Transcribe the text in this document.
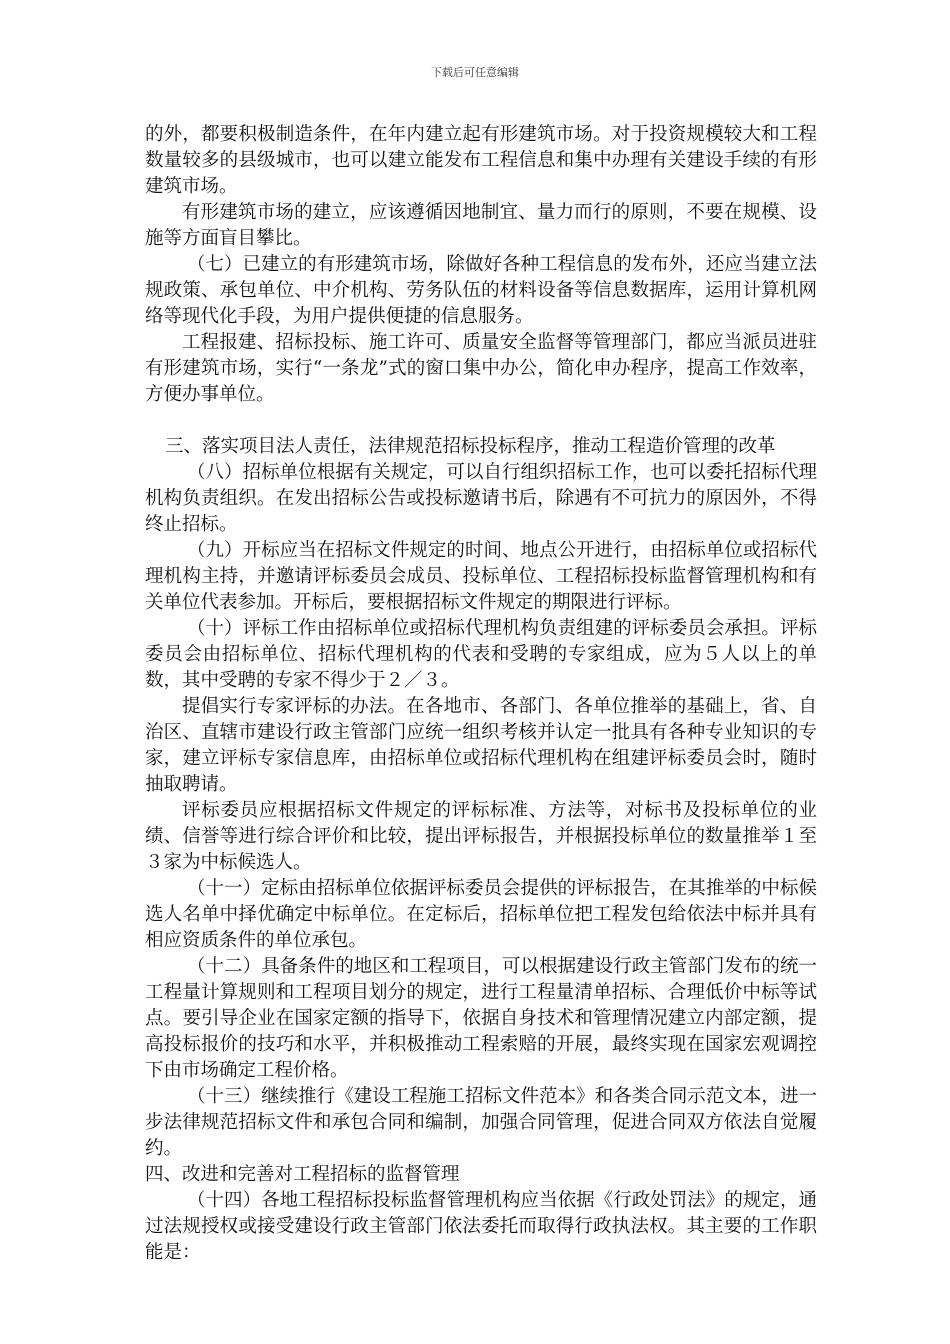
下载后可任意编辑

的外，都要积极制造条件，在年内建立起有形建筑市场。对于投资规模较大和工程数量较多的县级城市，也可以建立能发布工程信息和集中办理有关建设手续的有形建筑市场。

有形建筑市场的建立，应该遵循因地制宜、量力而行的原则，不要在规模、设施等方面盲目攀比。

（七）已建立的有形建筑市场，除做好各种工程信息的发布外，还应当建立法规政策、承包单位、中介机构、劳务队伍的材料设备等信息数据库，运用计算机网络等现代化手段，为用户提供便捷的信息服务。

工程报建、招标投标、施工许可、质量安全监督等管理部门，都应当派员进驻有形建筑市场，实行“一条龙”式的窗口集中办公，简化申办程序，提高工作效率，方便办事单位。

三、落实项目法人责任，法律规范招标投标程序，推动工程造价管理的改革

（八）招标单位根据有关规定，可以自行组织招标工作，也可以委托招标代理机构负责组织。在发出招标公告或投标邀请书后，除遇有不可抗力的原因外，不得终止招标。

（九）开标应当在招标文件规定的时间、地点公开进行，由招标单位或招标代理机构主持，并邀请评标委员会成员、投标单位、工程招标投标监督管理机构和有关单位代表参加。开标后，要根据招标文件规定的期限进行评标。

（十）评标工作由招标单位或招标代理机构负责组建的评标委员会承担。评标委员会由招标单位、招标代理机构的代表和受聘的专家组成，应为５人以上的单数，其中受聘的专家不得少于２／３。

提倡实行专家评标的办法。在各地市、各部门、各单位推举的基础上，省、自治区、直辖市建设行政主管部门应统一组织考核并认定一批具有各种专业知识的专家，建立评标专家信息库，由招标单位或招标代理机构在组建评标委员会时，随时抽取聘请。

评标委员应根据招标文件规定的评标标准、方法等，对标书及投标单位的业绩、信誉等进行综合评价和比较，提出评标报告，并根据投标单位的数量推举１至３家为中标候选人。

（十一）定标由招标单位依据评标委员会提供的评标报告，在其推举的中标候选人名单中择优确定中标单位。在定标后，招标单位把工程发包给依法中标并具有相应资质条件的单位承包。

（十二）具备条件的地区和工程项目，可以根据建设行政主管部门发布的统一工程量计算规则和工程项目划分的规定，进行工程量清单招标、合理低价中标等试点。要引导企业在国家定额的指导下，依据自身技术和管理情况建立内部定额，提高投标报价的技巧和水平，并积极推动工程索赔的开展，最终实现在国家宏观调控下由市场确定工程价格。

（十三）继续推行《建设工程施工招标文件范本》和各类合同示范文本，进一步法律规范招标文件和承包合同和编制，加强合同管理，促进合同双方依法自觉履约。

四、改进和完善对工程招标的监督管理

（十四）各地工程招标投标监督管理机构应当依据《行政处罚法》的规定，通过法规授权或接受建设行政主管部门依法委托而取得行政执法权。其主要的工作职能是：
